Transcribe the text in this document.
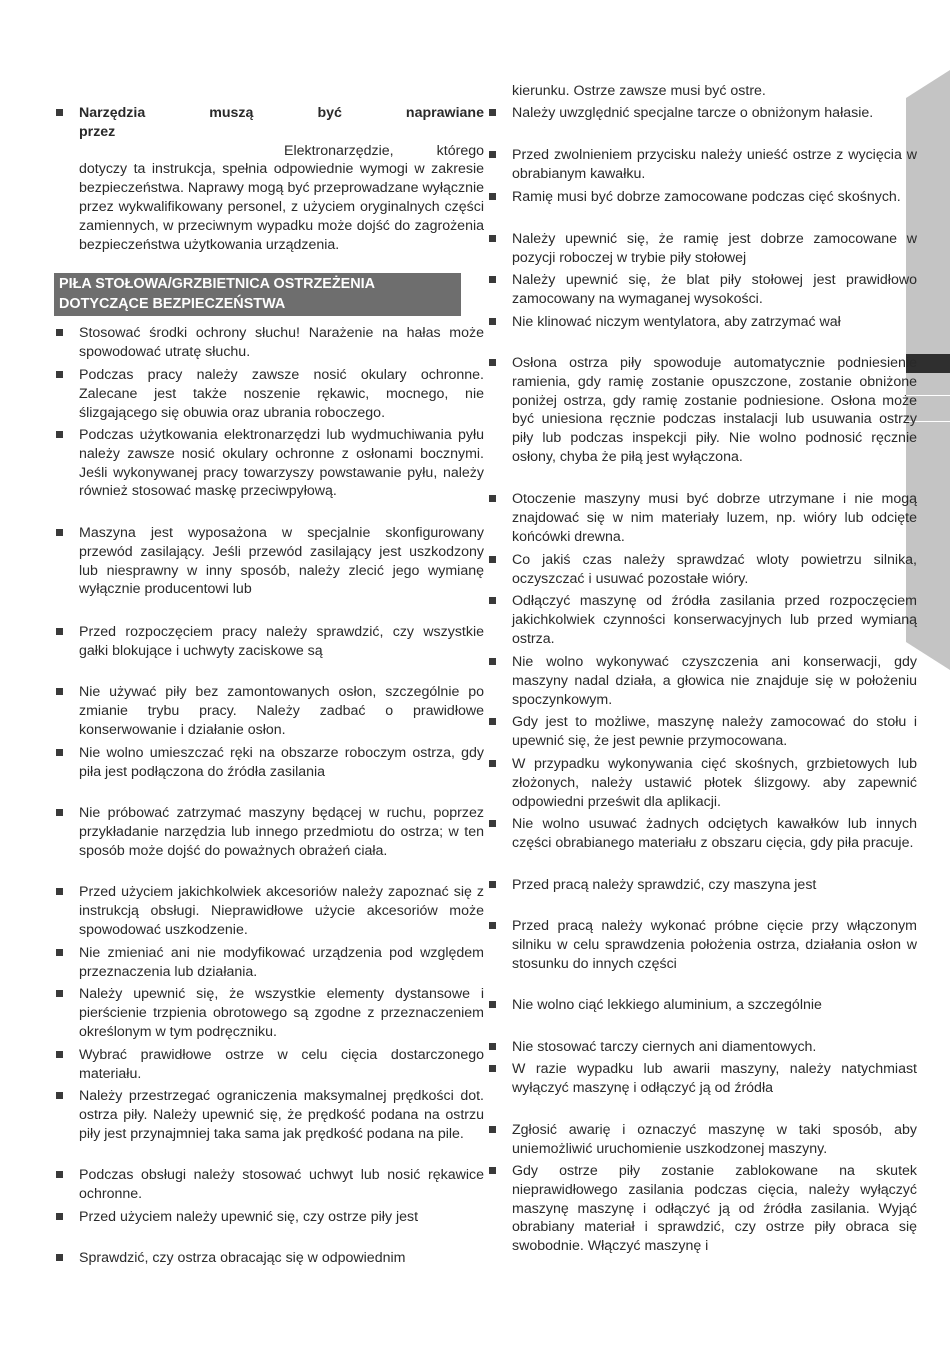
Narzędzia muszą być naprawiane przez

Elektronarzędzie, którego dotyczy ta instrukcja, spełnia odpowiednie wymogi w zakresie bezpieczeństwa. Naprawy mogą być przeprowadzane wyłącznie przez wykwalifikowany personel, z użyciem oryginalnych części zamiennych, w przeciwnym wypadku może dojść do zagrożenia bezpieczeństwa użytkowania urządzenia.
PIŁA STOŁOWA/GRZBIETNICA OSTRZEŻENIA
DOTYCZĄCE BEZPIECZEŃSTWA
Stosować środki ochrony słuchu! Narażenie na hałas może spowodować utratę słuchu.
Podczas pracy należy zawsze nosić okulary ochronne. Zalecane jest także noszenie rękawic, mocnego, nie ślizgającego się obuwia oraz ubrania roboczego.
Podczas użytkowania elektronarzędzi lub wydmuchiwania pyłu należy zawsze nosić okulary ochronne z osłonami bocznymi. Jeśli wykonywanej pracy towarzyszy powstawanie pyłu, należy również stosować maskę przeciwpyłową.
Maszyna jest wyposażona w specjalnie skonfigurowany przewód zasilający. Jeśli przewód zasilający jest uszkodzony lub niesprawny w inny sposób, należy zlecić jego wymianę wyłącznie producentowi lub
Przed rozpoczęciem pracy należy sprawdzić, czy wszystkie gałki blokujące i uchwyty zaciskowe są
Nie używać piły bez zamontowanych osłon, szczególnie po zmianie trybu pracy. Należy zadbać o prawidłowe konserwowanie i działanie osłon.
Nie wolno umieszczać ręki na obszarze roboczym ostrza, gdy piła jest podłączona do źródła zasilania
Nie próbować zatrzymać maszyny będącej w ruchu, poprzez przykładanie narzędzia lub innego przedmiotu do ostrza; w ten sposób może dojść do poważnych obrażeń ciała.
Przed użyciem jakichkolwiek akcesoriów należy zapoznać się z instrukcją obsługi. Nieprawidłowe użycie akcesoriów może spowodować uszkodzenie.
Nie zmieniać ani nie modyfikować urządzenia pod względem przeznaczenia lub działania.
Należy upewnić się, że wszystkie elementy dystansowe i pierścienie trzpienia obrotowego są zgodne z przeznaczeniem określonym w tym podręczniku.
Wybrać prawidłowe ostrze w celu cięcia dostarczonego materiału.
Należy przestrzegać ograniczenia maksymalnej prędkości dot. ostrza piły. Należy upewnić się, że prędkość podana na ostrzu piły jest przynajmniej taka sama jak prędkość podana na pile.
Podczas obsługi należy stosować uchwyt lub nosić rękawice ochronne.
Przed użyciem należy upewnić się, czy ostrze piły jest
Sprawdzić, czy ostrza obracając się w odpowiednim
kierunku. Ostrze zawsze musi być ostre.
Należy uwzględnić specjalne tarcze o obniżonym hałasie.
Przed zwolnieniem przycisku należy unieść ostrze z wycięcia w obrabianym kawałku.
Ramię musi być dobrze zamocowane podczas cięć skośnych.
Należy upewnić się, że ramię jest dobrze zamocowane w pozycji roboczej w trybie piły stołowej
Należy upewnić się, że blat piły stołowej jest prawidłowo zamocowany na wymaganej wysokości.
Nie klinować niczym wentylatora, aby zatrzymać wał
Osłona ostrza piły spowoduje automatycznie podniesienie ramienia, gdy ramię zostanie opuszczone, zostanie obniżone poniżej ostrza, gdy ramię zostanie podniesione. Osłona może być uniesiona ręcznie podczas instalacji lub usuwania ostrzy piły lub podczas inspekcji piły. Nie wolno podnosić ręcznie osłony, chyba że piłą jest wyłączona.
Otoczenie maszyny musi być dobrze utrzymane i nie mogą znajdować się w nim materiały luzem, np. wióry lub odcięte końcówki drewna.
Co jakiś czas należy sprawdzać wloty powietrzu silnika, oczyszczać i usuwać pozostałe wióry.
Odłączyć maszynę od źródła zasilania przed rozpoczęciem jakichkolwiek czynności konserwacyjnych lub przed wymianą ostrza.
Nie wolno wykonywać czyszczenia ani konserwacji, gdy maszyny nadal działa, a głowica nie znajduje się w położeniu spoczynkowym.
Gdy jest to możliwe, maszynę należy zamocować do stołu i upewnić się, że jest pewnie przymocowana.
W przypadku wykonywania cięć skośnych, grzbietowych lub złożonych, należy ustawić płotek ślizgowy. aby zapewnić odpowiedni prześwit dla aplikacji.
Nie wolno usuwać żadnych odciętych kawałków lub innych części obrabianego materiału z obszaru cięcia, gdy piła pracuje.
Przed pracą należy sprawdzić, czy maszyna jest
Przed pracą należy wykonać próbne cięcie przy włączonym silniku w celu sprawdzenia położenia ostrza, działania osłon w stosunku do innych części
Nie wolno ciąć lekkiego aluminium, a szczególnie
Nie stosować tarczy ciernych ani diamentowych.
W razie wypadku lub awarii maszyny, należy natychmiast wyłączyć maszynę i odłączyć ją od źródła
Zgłosić awarię i oznaczyć maszynę w taki sposób, aby uniemożliwić uruchomienie uszkodzonej maszyny.
Gdy ostrze piły zostanie zablokowane na skutek nieprawidłowego zasilania podczas cięcia, należy wyłączyć maszynę maszynę i odłączyć ją od źródła zasilania. Wyjąć obrabiany materiał i sprawdzić, czy ostrze piły obraca się swobodnie. Włączyć maszynę i
